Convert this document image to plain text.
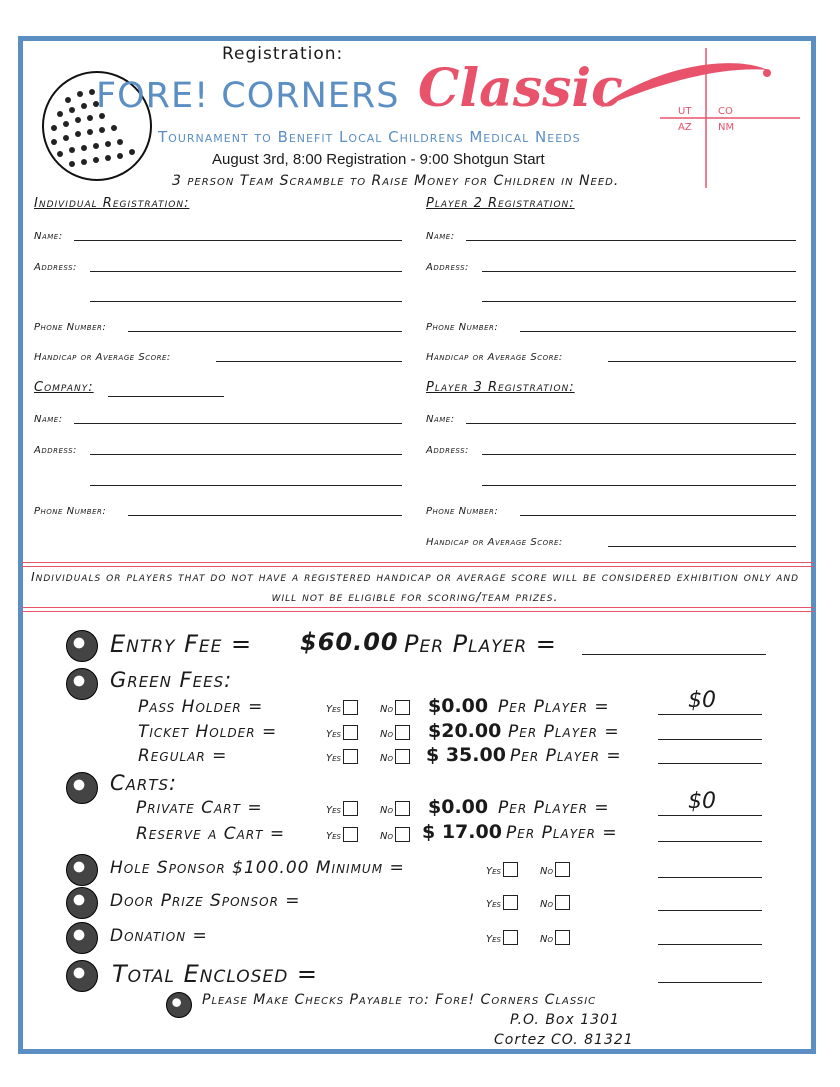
Registration:
FORE! CORNERS Classic	UT	CO
AZ	NM
Tournament to Benefit Local Childrens Medical Needs
August 3rd, 8:00 Registration - 9:00 Shotgun Start
3 person Team Scramble to Raise Money for Children in Need.
Individual Registration:
Name:
Address:
Phone Number:
Handicap or Average Score:
Player 2 Registration:
Name:
Address:
Phone Number:
Handicap or Average Score:
Company:
Name:
Address:
Phone Number:
Player 3 Registration:
Name:
Address:
Phone Number:
Handicap or Average Score:
Individuals or players that do not have a registered handicap or average score will be considered exhibition only and will not be eligible for scoring/team prizes.
Entry Fee = $60.00 Per Player =
Green Fees:
Pass Holder =	Yes	No	$0.00 Per Player =	$0
Ticket Holder =	Yes	No	$20.00 Per Player =
Regular =	Yes	No	$ 35.00 Per Player =
Carts:
Private Cart =	Yes	No	$0.00 Per Player =	$0
Reserve a Cart =	Yes	No	$ 17.00 Per Player =
Hole Sponsor $100.00 Minimum =	Yes	No
Door Prize Sponsor =	Yes	No
Donation =	Yes	No
Total Enclosed =
Please Make Checks Payable to: Fore! Corners Classic
P.O. Box 1301
Cortez CO. 81321
